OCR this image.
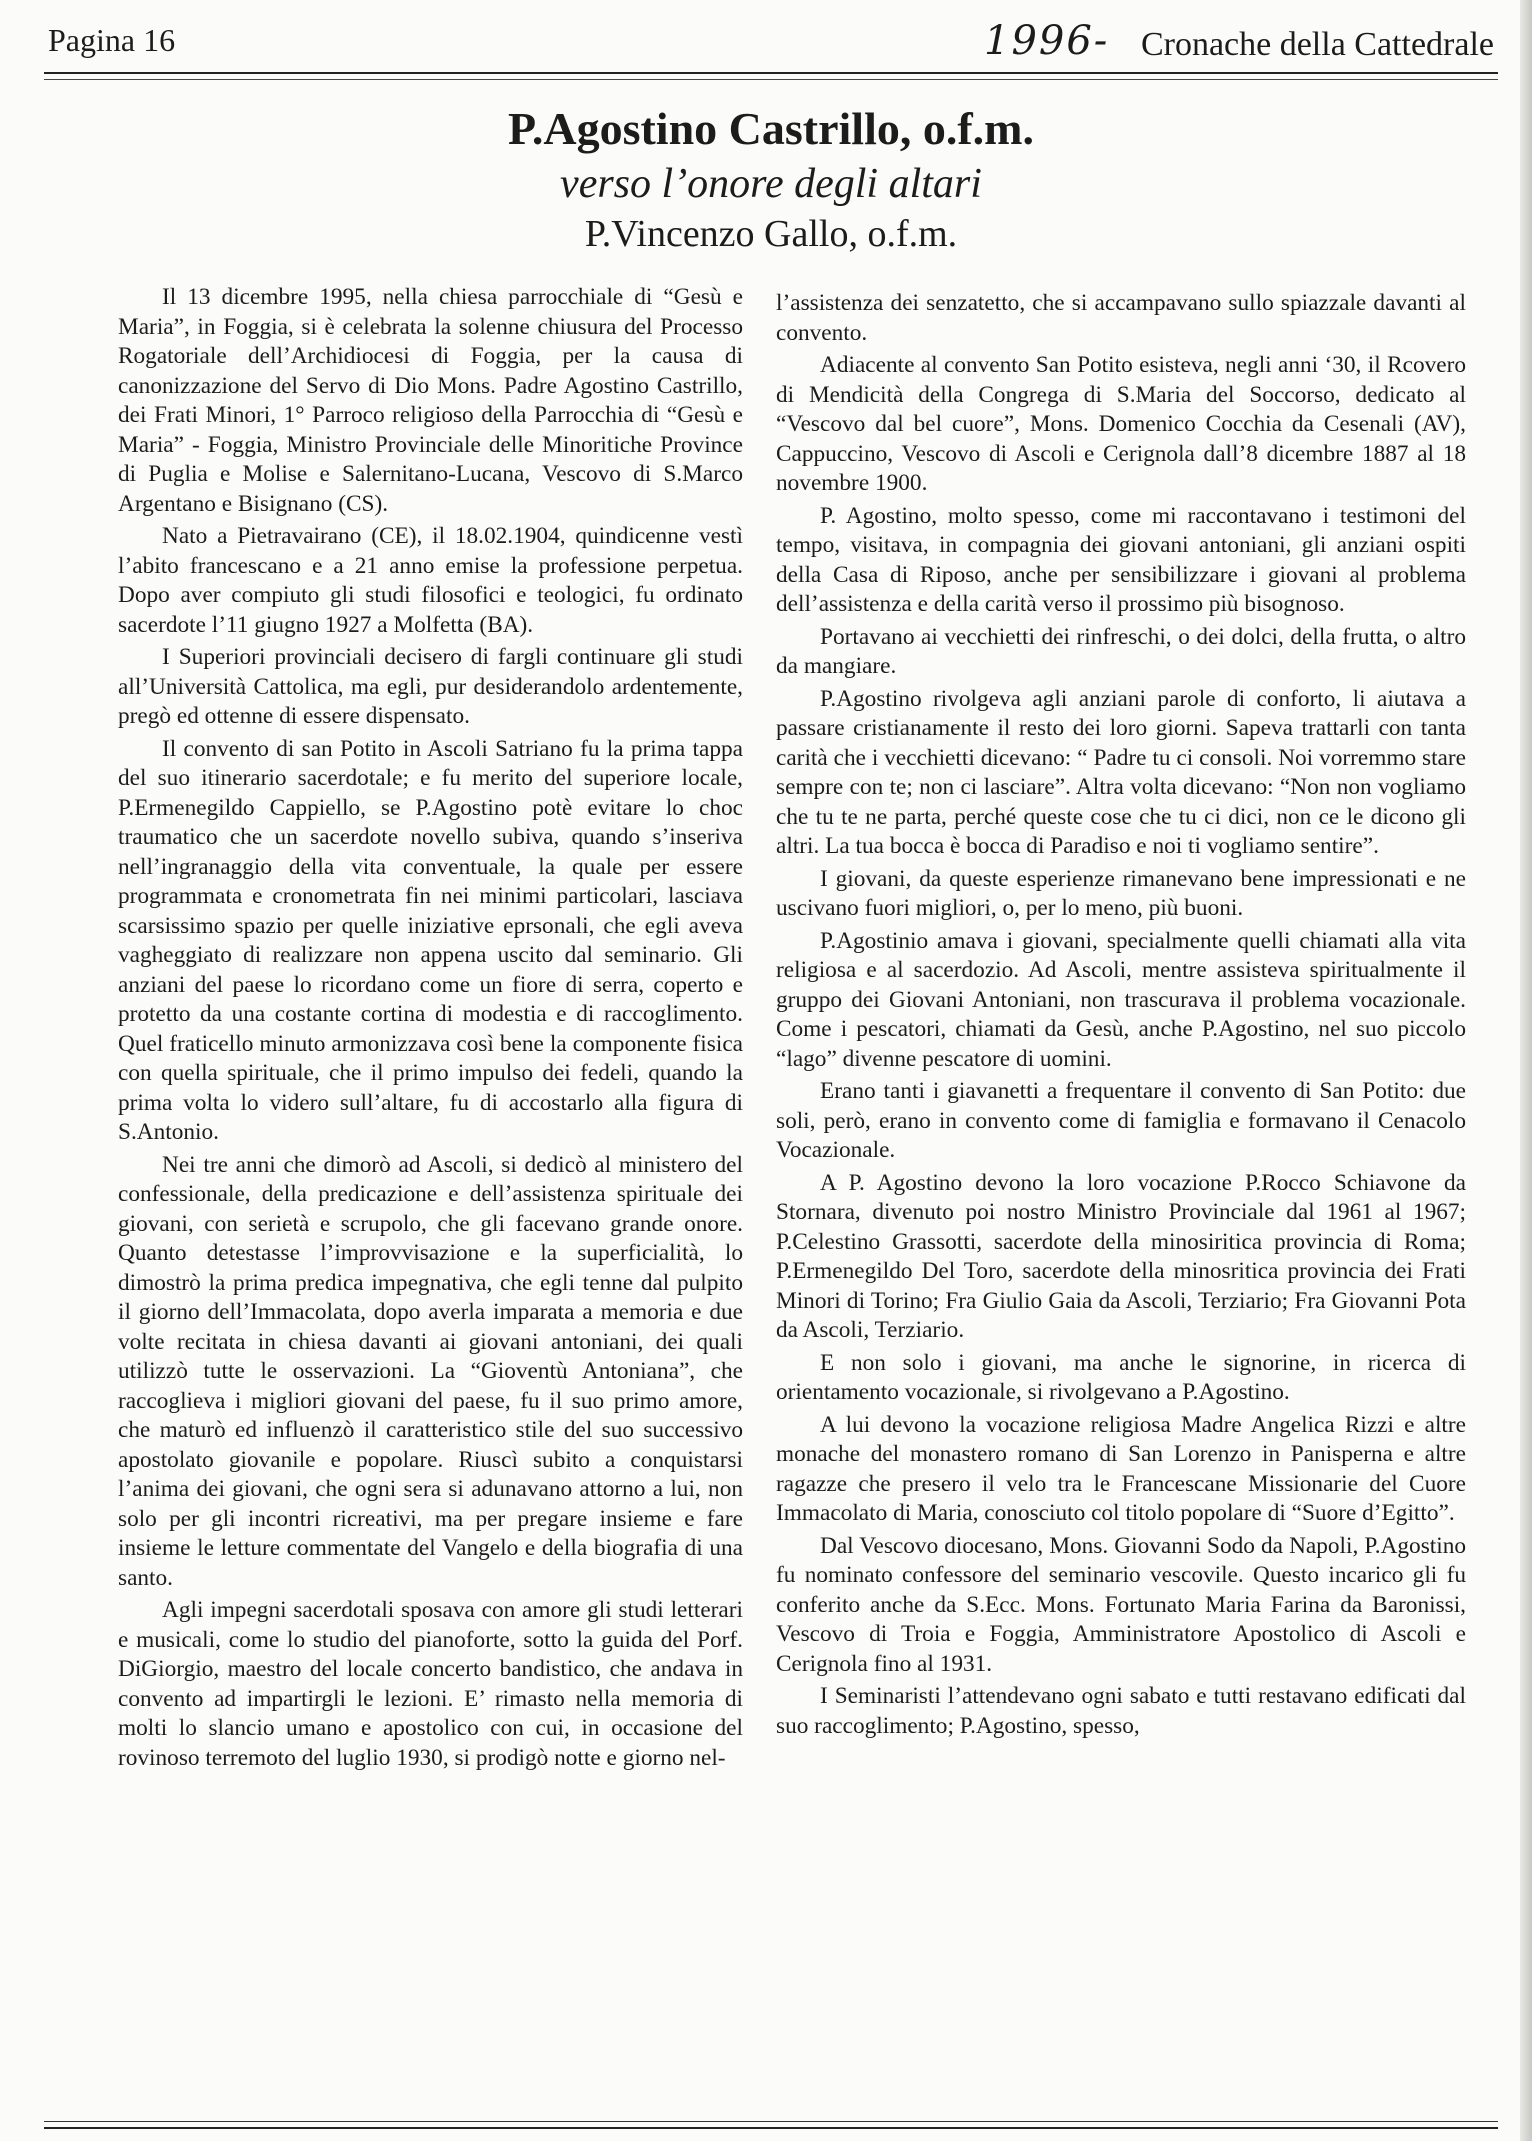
Pagina 16	1996- Cronache della Cattedrale
P.Agostino Castrillo, o.f.m.
verso l’onore degli altari
P.Vincenzo Gallo, o.f.m.

Il 13 dicembre 1995, nella chiesa parrocchiale di “Gesù e Maria”, in Foggia, si è celebrata la solenne chiusura del Processo Rogatoriale dell’Archidiocesi di Foggia, per la causa di canonizzazione del Servo di Dio Mons. Padre Agostino Castrillo, dei Frati Minori, 1° Parroco religioso della Parrocchia di “Gesù e Maria” - Foggia, Ministro Provinciale delle Minoritiche Province di Puglia e Molise e Salernitano-Lucana, Vescovo di S.Marco Argentano e Bisignano (CS).

Nato a Pietravairano (CE), il 18.02.1904, quindicenne vestì l’abito francescano e a 21 anno emise la professione perpetua. Dopo aver compiuto gli studi filosofici e teologici, fu ordinato sacerdote l’11 giugno 1927 a Molfetta (BA).

I Superiori provinciali decisero di fargli continuare gli studi all’Università Cattolica, ma egli, pur desiderandolo ardentemente, pregò ed ottenne di essere dispensato.

Il convento di san Potito in Ascoli Satriano fu la prima tappa del suo itinerario sacerdotale; e fu merito del superiore locale, P.Ermenegildo Cappiello, se P.Agostino potè evitare lo choc traumatico che un sacerdote novello subiva, quando s’inseriva nell’ingranaggio della vita conventuale, la quale per essere programmata e cronometrata fin nei minimi particolari, lasciava scarsissimo spazio per quelle iniziative eprsonali, che egli aveva vagheggiato di realizzare non appena uscito dal seminario. Gli anziani del paese lo ricordano come un fiore di serra, coperto e protetto da una costante cortina di modestia e di raccoglimento. Quel fraticello minuto armonizzava così bene la componente fisica con quella spirituale, che il primo impulso dei fedeli, quando la prima volta lo videro sull’altare, fu di accostarlo alla figura di S.Antonio.

Nei tre anni che dimorò ad Ascoli, si dedicò al ministero del confessionale, della predicazione e dell’assistenza spirituale dei giovani, con serietà e scrupolo, che gli facevano grande onore. Quanto detestasse l’improvvisazione e la superficialità, lo dimostrò la prima predica impegnativa, che egli tenne dal pulpito il giorno dell’Immacolata, dopo averla imparata a memoria e due volte recitata in chiesa davanti ai giovani antoniani, dei quali utilizzò tutte le osservazioni. La “Gioventù Antoniana”, che raccoglieva i migliori giovani del paese, fu il suo primo amore, che maturò ed influenzò il caratteristico stile del suo successivo apostolato giovanile e popolare. Riuscì subito a conquistarsi l’anima dei giovani, che ogni sera si adunavano attorno a lui, non solo per gli incontri ricreativi, ma per pregare insieme e fare insieme le letture commentate del Vangelo e della biografia di una santo.

Agli impegni sacerdotali sposava con amore gli studi letterari e musicali, come lo studio del pianoforte, sotto la guida del Porf. DiGiorgio, maestro del locale concerto bandistico, che andava in convento ad impartirgli le lezioni. E’ rimasto nella memoria di molti lo slancio umano e apostolico con cui, in occasione del rovinoso terremoto del luglio 1930, si prodigò notte e giorno nel-

l’assistenza dei senzatetto, che si accampavano sullo spiazzale davanti al convento.

Adiacente al convento San Potito esisteva, negli anni ‘30, il Rcovero di Mendicità della Congrega di S.Maria del Soccorso, dedicato al “Vescovo dal bel cuore”, Mons. Domenico Cocchia da Cesenali (AV), Cappuccino, Vescovo di Ascoli e Cerignola dall’8 dicembre 1887 al 18 novembre 1900.

P. Agostino, molto spesso, come mi raccontavano i testimoni del tempo, visitava, in compagnia dei giovani antoniani, gli anziani ospiti della Casa di Riposo, anche per sensibilizzare i giovani al problema dell’assistenza e della carità verso il prossimo più bisognoso.

Portavano ai vecchietti dei rinfreschi, o dei dolci, della frutta, o altro da mangiare.

P.Agostino rivolgeva agli anziani parole di conforto, li aiutava a passare cristianamente il resto dei loro giorni. Sapeva trattarli con tanta carità che i vecchietti dicevano: “ Padre tu ci consoli. Noi vorremmo stare sempre con te; non ci lasciare”. Altra volta dicevano: “Non non vogliamo che tu te ne parta, perché queste cose che tu ci dici, non ce le dicono gli altri. La tua bocca è bocca di Paradiso e noi ti vogliamo sentire”.

I giovani, da queste esperienze rimanevano bene impressionati e ne uscivano fuori migliori, o, per lo meno, più buoni.

P.Agostinio amava i giovani, specialmente quelli chiamati alla vita religiosa e al sacerdozio. Ad Ascoli, mentre assisteva spiritualmente il gruppo dei Giovani Antoniani, non trascurava il problema vocazionale. Come i pescatori, chiamati da Gesù, anche P.Agostino, nel suo piccolo “lago” divenne pescatore di uomini.

Erano tanti i giavanetti a frequentare il convento di San Potito: due soli, però, erano in convento come di famiglia e formavano il Cenacolo Vocazionale.

A P. Agostino devono la loro vocazione P.Rocco Schiavone da Stornara, divenuto poi nostro Ministro Provinciale dal 1961 al 1967; P.Celestino Grassotti, sacerdote della minosiritica provincia di Roma; P.Ermenegildo Del Toro, sacerdote della minosritica provincia dei Frati Minori di Torino; Fra Giulio Gaia da Ascoli, Terziario; Fra Giovanni Pota da Ascoli, Terziario.

E non solo i giovani, ma anche le signorine, in ricerca di orientamento vocazionale, si rivolgevano a P.Agostino.

A lui devono la vocazione religiosa Madre Angelica Rizzi e altre monache del monastero romano di San Lorenzo in Panisperna e altre ragazze che presero il velo tra le Francescane Missionarie del Cuore Immacolato di Maria, conosciuto col titolo popolare di “Suore d’Egitto”.

Dal Vescovo diocesano, Mons. Giovanni Sodo da Napoli, P.Agostino fu nominato confessore del seminario vescovile. Questo incarico gli fu conferito anche da S.Ecc. Mons. Fortunato Maria Farina da Baronissi, Vescovo di Troia e Foggia, Amministratore Apostolico di Ascoli e Cerignola fino al 1931.

I Seminaristi l’attendevano ogni sabato e tutti restavano edificati dal suo raccoglimento; P.Agostino, spesso,
